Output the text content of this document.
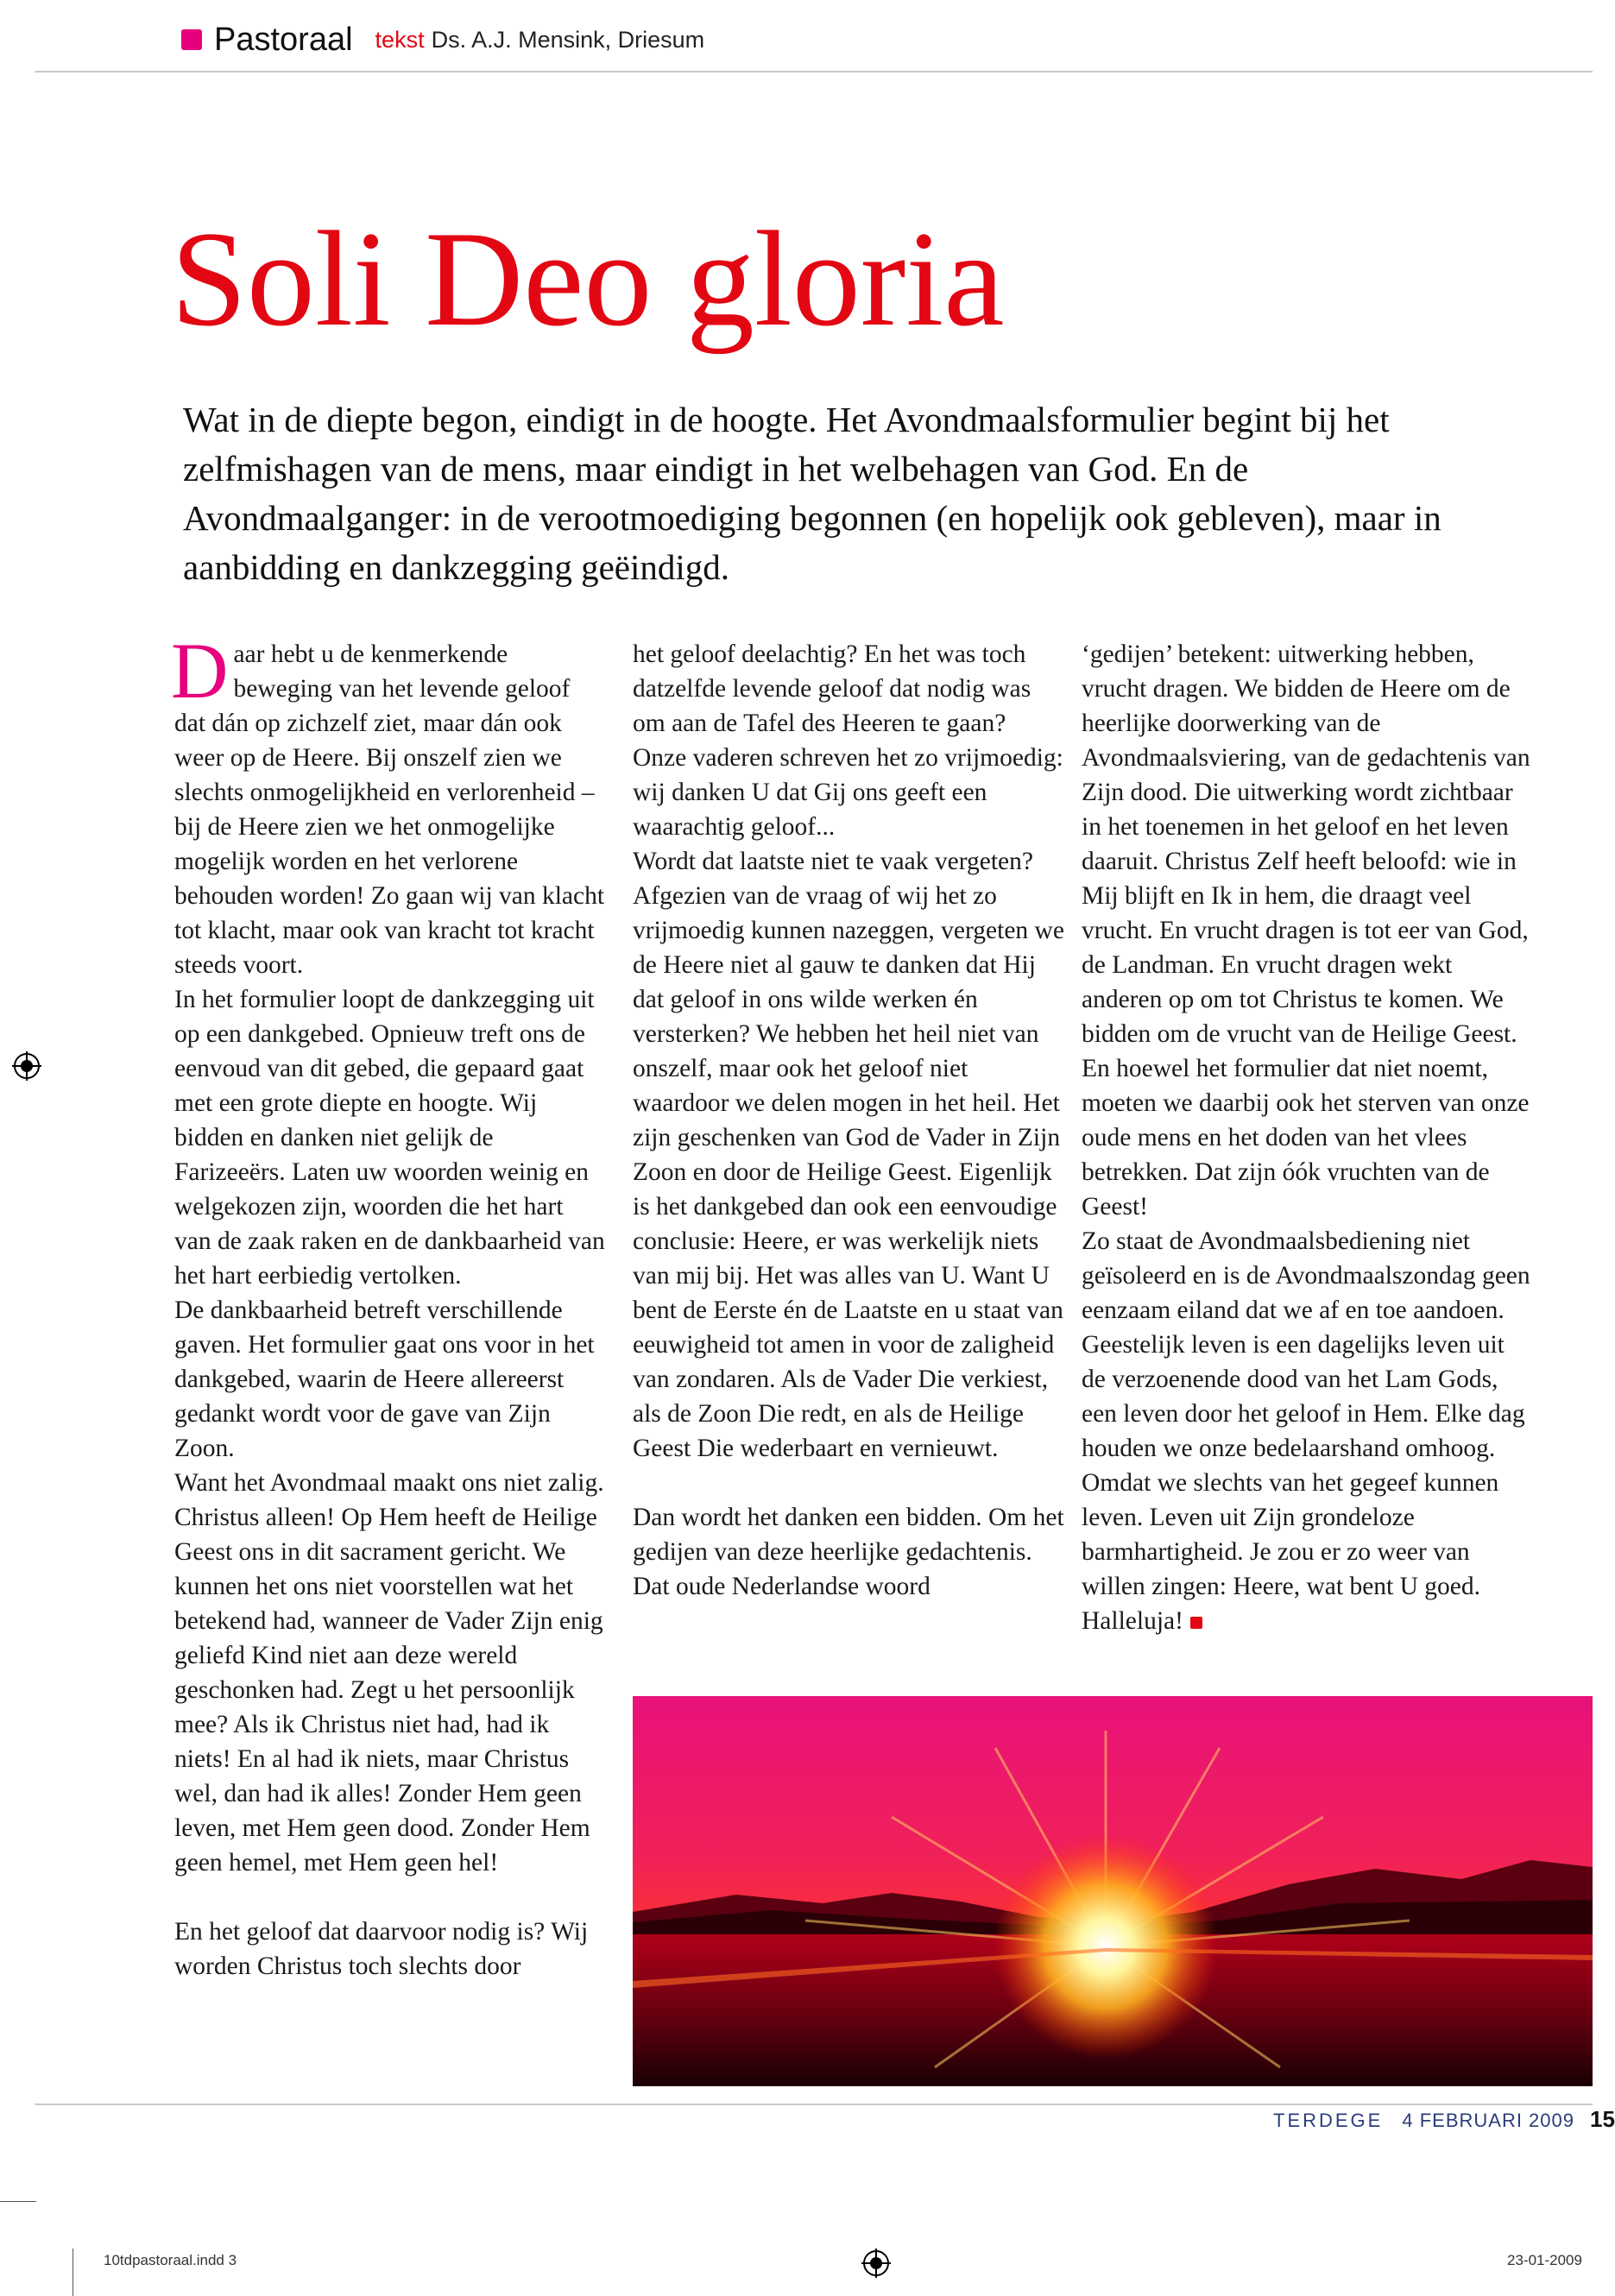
Pastoraal tekst Ds. A.J. Mensink, Driesum
Soli Deo gloria

Wat in de diepte begon, eindigt in de hoogte. Het Avondmaalsformulier begint bij het zelfmishagen van de mens, maar eindigt in het welbehagen van God. En de Avondmaalganger: in de verootmoediging begonnen (en hopelijk ook gebleven), maar in aanbidding en dankzegging geëindigd.

Daar hebt u de kenmerkende beweging van het levende geloof dat dán op zichzelf ziet, maar dán ook weer op de Heere. Bij onszelf zien we slechts onmogelijkheid en verlorenheid – bij de Heere zien we het onmogelijke mogelijk worden en het verlorene behouden worden! Zo gaan wij van klacht tot klacht, maar ook van kracht tot kracht steeds voort.

In het formulier loopt de dankzegging uit op een dankgebed. Opnieuw treft ons de eenvoud van dit gebed, die gepaard gaat met een grote diepte en hoogte. Wij bidden en danken niet gelijk de Farizeeërs. Laten uw woorden weinig en welgekozen zijn, woorden die het hart van de zaak raken en de dankbaarheid van het hart eerbiedig vertolken.

De dankbaarheid betreft verschillende gaven. Het formulier gaat ons voor in het dankgebed, waarin de Heere allereerst gedankt wordt voor de gave van Zijn Zoon.

Want het Avondmaal maakt ons niet zalig. Christus alleen! Op Hem heeft de Heilige Geest ons in dit sacrament gericht. We kunnen het ons niet voorstellen wat het betekend had, wanneer de Vader Zijn enig geliefd Kind niet aan deze wereld geschonken had. Zegt u het persoonlijk mee? Als ik Christus niet had, had ik niets! En al had ik niets, maar Christus wel, dan had ik alles! Zonder Hem geen leven, met Hem geen dood. Zonder Hem geen hemel, met Hem geen hel!

En het geloof dat daarvoor nodig is? Wij worden Christus toch slechts door

het geloof deelachtig? En het was toch datzelfde levende geloof dat nodig was om aan de Tafel des Heeren te gaan? Onze vaderen schreven het zo vrijmoedig: wij danken U dat Gij ons geeft een waarachtig geloof...

Wordt dat laatste niet te vaak vergeten? Afgezien van de vraag of wij het zo vrijmoedig kunnen nazeggen, vergeten we de Heere niet al gauw te danken dat Hij dat geloof in ons wilde werken én versterken? We hebben het heil niet van onszelf, maar ook het geloof niet waardoor we delen mogen in het heil. Het zijn geschenken van God de Vader in Zijn Zoon en door de Heilige Geest. Eigenlijk is het dankgebed dan ook een eenvoudige conclusie: Heere, er was werkelijk niets van mij bij. Het was alles van U. Want U bent de Eerste én de Laatste en u staat van eeuwigheid tot amen in voor de zaligheid van zondaren. Als de Vader Die verkiest, als de Zoon Die redt, en als de Heilige Geest Die wederbaart en vernieuwt.

Dan wordt het danken een bidden. Om het gedijen van deze heerlijke gedachtenis. Dat oude Nederlandse woord

‘gedijen’ betekent: uitwerking hebben, vrucht dragen. We bidden de Heere om de heerlijke doorwerking van de Avondmaalsviering, van de gedachtenis van Zijn dood. Die uitwerking wordt zichtbaar in het toenemen in het geloof en het leven daaruit. Christus Zelf heeft beloofd: wie in Mij blijft en Ik in hem, die draagt veel vrucht. En vrucht dragen is tot eer van God, de Landman. En vrucht dragen wekt anderen op om tot Christus te komen. We bidden om de vrucht van de Heilige Geest. En hoewel het formulier dat niet noemt, moeten we daarbij ook het sterven van onze oude mens en het doden van het vlees betrekken. Dat zijn óók vruchten van de Geest!

Zo staat de Avondmaalsbediening niet geïsoleerd en is de Avondmaalszondag geen eenzaam eiland dat we af en toe aandoen. Geestelijk leven is een dagelijks leven uit de verzoenende dood van het Lam Gods, een leven door het geloof in Hem. Elke dag houden we onze bedelaarshand omhoog. Omdat we slechts van het gegeef kunnen leven. Leven uit Zijn grondeloze barmhartigheid. Je zou er zo weer van willen zingen: Heere, wat bent U goed. Halleluja!

TERDEGE 4 FEBRUARI 2009 15
10tdpastoraal.indd 3	23-01-2009
